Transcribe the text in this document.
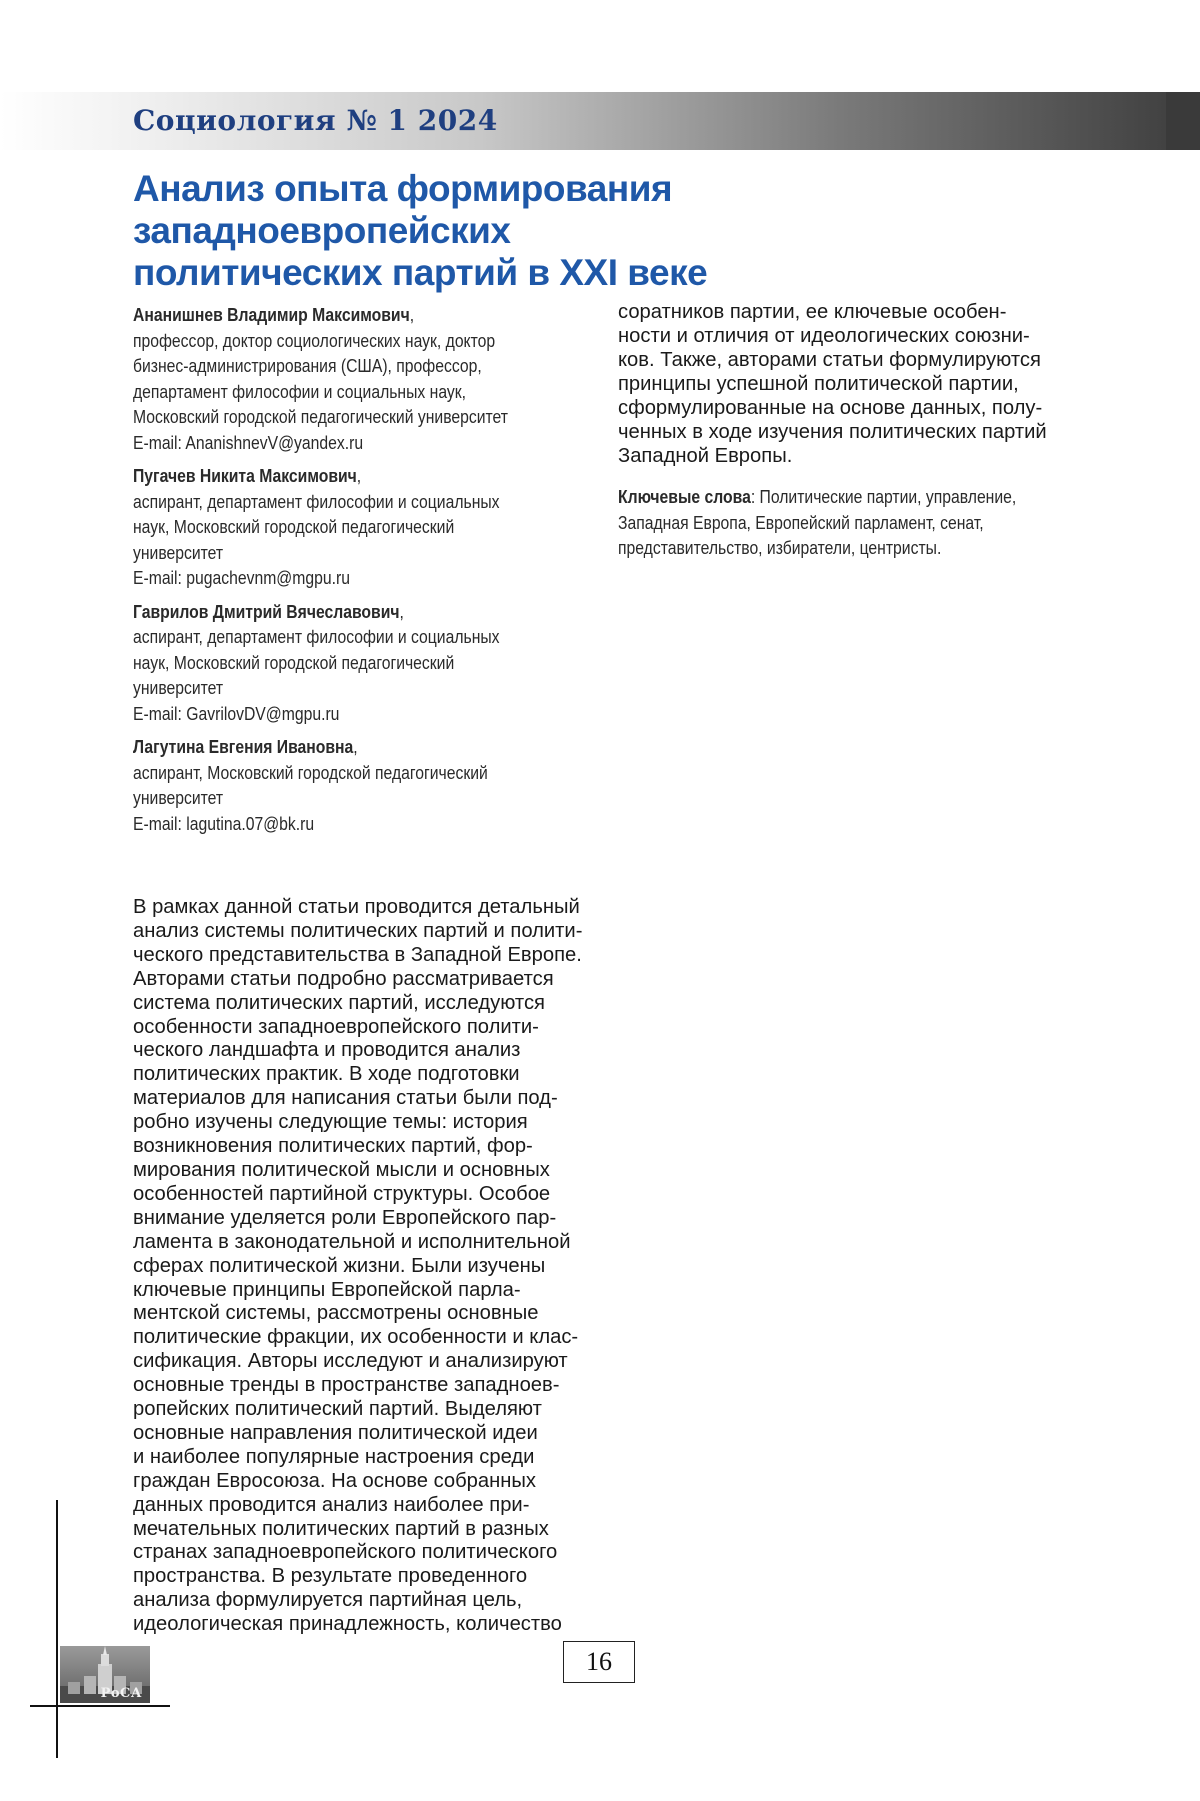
Социология № 1 2024
Анализ опыта формирования западноевропейских
политических партий в XXI веке
Ананишнев Владимир Максимович,
профессор, доктор социологических наук, доктор
бизнес-администрирования (США), профессор,
департамент философии и социальных наук,
Московский городской педагогический университет
E-mail: AnanishnevV@yandex.ru
Пугачев Никита Максимович,
аспирант, департамент философии и социальных
наук, Московский городской педагогический
университет
E-mail: pugachevnm@mgpu.ru
Гаврилов Дмитрий Вячеславович,
аспирант, департамент философии и социальных
наук, Московский городской педагогический
университет
E-mail: GavrilovDV@mgpu.ru
Лагутина Евгения Ивановна,
аспирант, Московский городской педагогический
университет
E-mail: lagutina.07@bk.ru
В рамках данной статьи проводится детальный
анализ системы политических партий и полити-
ческого представительства в Западной Европе.
Авторами статьи подробно рассматривается
система политических партий, исследуются
особенности западноевропейского полити-
ческого ландшафта и проводится анализ
политических практик. В ходе подготовки
материалов для написания статьи были под-
робно изучены следующие темы: история
возникновения политических партий, фор-
мирования политической мысли и основных
особенностей партийной структуры. Особое
внимание уделяется роли Европейского пар-
ламента в законодательной и исполнительной
сферах политической жизни. Были изучены
ключевые принципы Европейской парла-
ментской системы, рассмотрены основные
политические фракции, их особенности и клас-
сификация. Авторы исследуют и анализируют
основные тренды в пространстве западноев-
ропейских политический партий. Выделяют
основные направления политической идеи
и наиболее популярные настроения среди
граждан Евросоюза. На основе собранных
данных проводится анализ наиболее при-
мечательных политических партий в разных
странах западноевропейского политического
пространства. В результате проведенного
анализа формулируется партийная цель,
идеологическая принадлежность, количество
соратников партии, ее ключевые особен-
ности и отличия от идеологических союзни-
ков. Также, авторами статьи формулируются
принципы успешной политической партии,
сформулированные на основе данных, полу-
ченных в ходе изучения политических партий
Западной Европы.
Ключевые слова: Политические партии, управление,
Западная Европа, Европейский парламент, сенат,
представительство, избиратели, центристы.
16
РоСА
